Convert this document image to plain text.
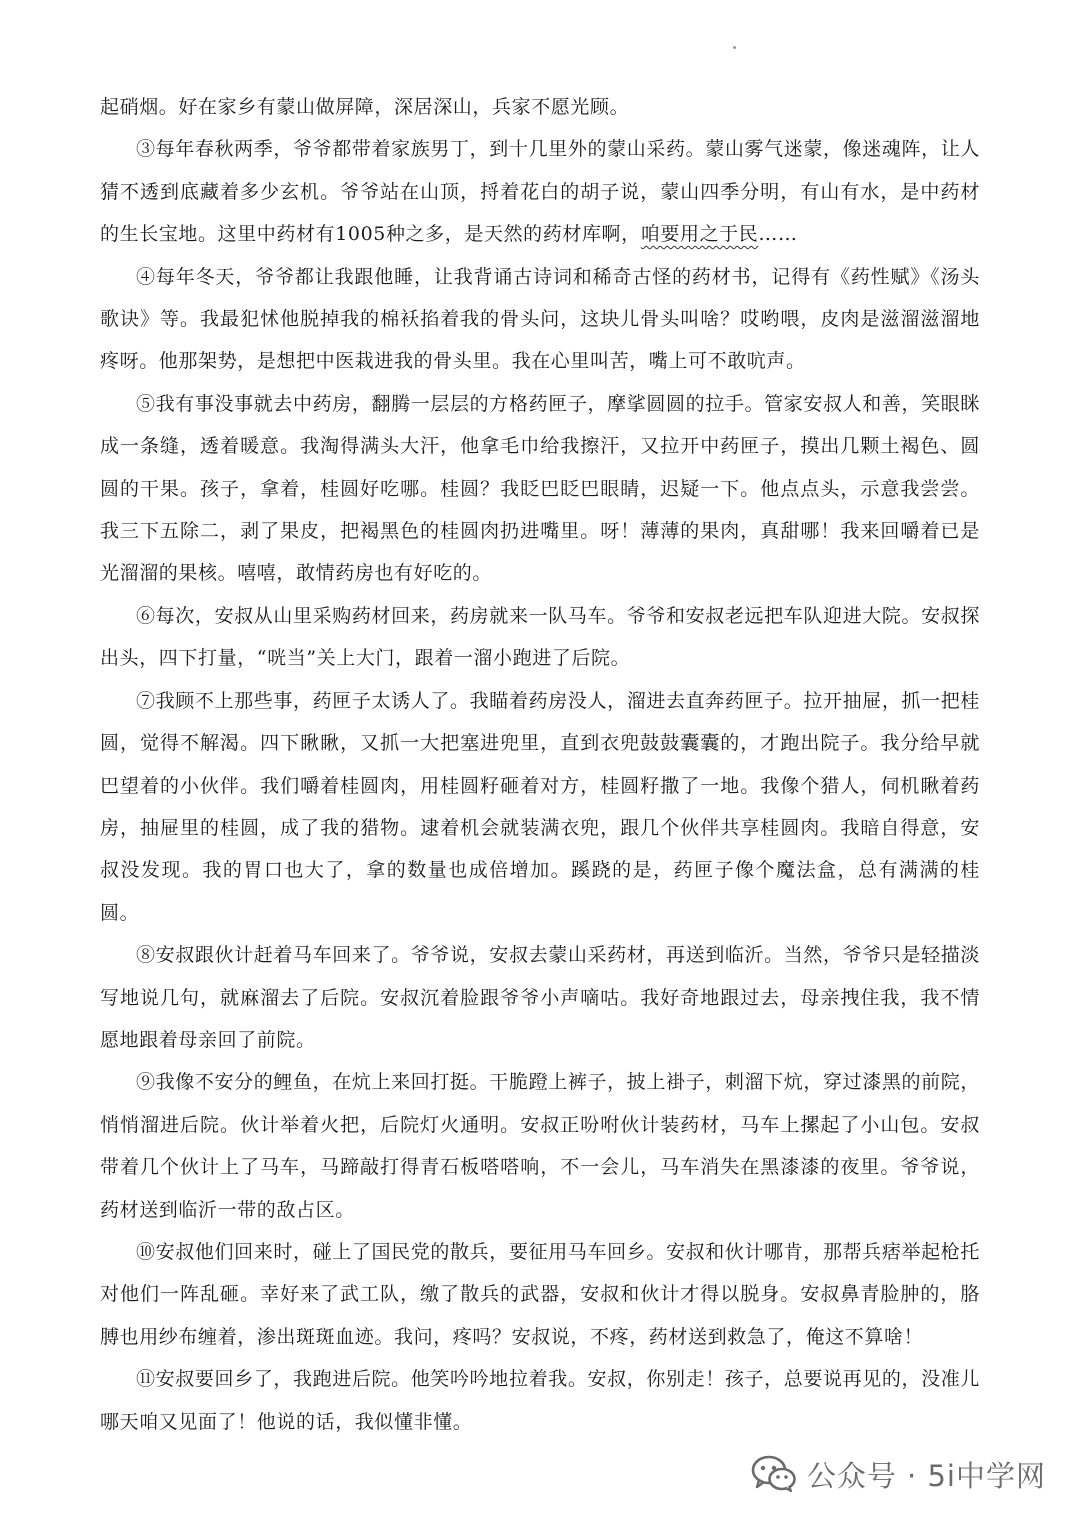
起硝烟。好在家乡有蒙山做屏障，深居深山，兵家不愿光顾。

③每年春秋两季，爷爷都带着家族男丁，到十几里外的蒙山采药。蒙山雾气迷蒙，像迷魂阵，让人猜不透到底藏着多少玄机。爷爷站在山顶，捋着花白的胡子说，蒙山四季分明，有山有水，是中药材的生长宝地。这里中药材有1005种之多，是天然的药材库啊，咱要用之于民……

④每年冬天，爷爷都让我跟他睡，让我背诵古诗词和稀奇古怪的药材书，记得有《药性赋》《汤头歌诀》等。我最犯怵他脱掉我的棉袄掐着我的骨头问，这块儿骨头叫啥？哎哟喂，皮肉是滋溜滋溜地疼呀。他那架势，是想把中医栽进我的骨头里。我在心里叫苦，嘴上可不敢吭声。

⑤我有事没事就去中药房，翻腾一层层的方格药匣子，摩挲圆圆的拉手。管家安叔人和善，笑眼眯成一条缝，透着暖意。我淘得满头大汗，他拿毛巾给我擦汗，又拉开中药匣子，摸出几颗土褐色、圆圆的干果。孩子，拿着，桂圆好吃哪。桂圆？我眨巴眨巴眼睛，迟疑一下。他点点头，示意我尝尝。我三下五除二，剥了果皮，把褐黑色的桂圆肉扔进嘴里。呀！薄薄的果肉，真甜哪！我来回嚼着已是光溜溜的果核。嘻嘻，敢情药房也有好吃的。

⑥每次，安叔从山里采购药材回来，药房就来一队马车。爷爷和安叔老远把车队迎进大院。安叔探出头，四下打量，“咣当”关上大门，跟着一溜小跑进了后院。

⑦我顾不上那些事，药匣子太诱人了。我瞄着药房没人，溜进去直奔药匣子。拉开抽屉，抓一把桂圆，觉得不解渴。四下瞅瞅，又抓一大把塞进兜里，直到衣兜鼓鼓囊囊的，才跑出院子。我分给早就巴望着的小伙伴。我们嚼着桂圆肉，用桂圆籽砸着对方，桂圆籽撒了一地。我像个猎人，伺机瞅着药房，抽屉里的桂圆，成了我的猎物。逮着机会就装满衣兜，跟几个伙伴共享桂圆肉。我暗自得意，安叔没发现。我的胃口也大了，拿的数量也成倍增加。蹊跷的是，药匣子像个魔法盒，总有满满的桂圆。

⑧安叔跟伙计赶着马车回来了。爷爷说，安叔去蒙山采药材，再送到临沂。当然，爷爷只是轻描淡写地说几句，就麻溜去了后院。安叔沉着脸跟爷爷小声嘀咕。我好奇地跟过去，母亲拽住我，我不情愿地跟着母亲回了前院。

⑨我像不安分的鲤鱼，在炕上来回打挺。干脆蹬上裤子，披上褂子，刺溜下炕，穿过漆黑的前院，悄悄溜进后院。伙计举着火把，后院灯火通明。安叔正吩咐伙计装药材，马车上摞起了小山包。安叔带着几个伙计上了马车，马蹄敲打得青石板嗒嗒响，不一会儿，马车消失在黑漆漆的夜里。爷爷说，药材送到临沂一带的敌占区。

⑩安叔他们回来时，碰上了国民党的散兵，要征用马车回乡。安叔和伙计哪肯，那帮兵痞举起枪托对他们一阵乱砸。幸好来了武工队，缴了散兵的武器，安叔和伙计才得以脱身。安叔鼻青脸肿的，胳膊也用纱布缠着，渗出斑斑血迹。我问，疼吗？安叔说，不疼，药材送到救急了，俺这不算啥！

⑪安叔要回乡了，我跑进后院。他笑吟吟地拉着我。安叔，你别走！孩子，总要说再见的，没准儿哪天咱又见面了！他说的话，我似懂非懂。

公众号 · 5i中学网
